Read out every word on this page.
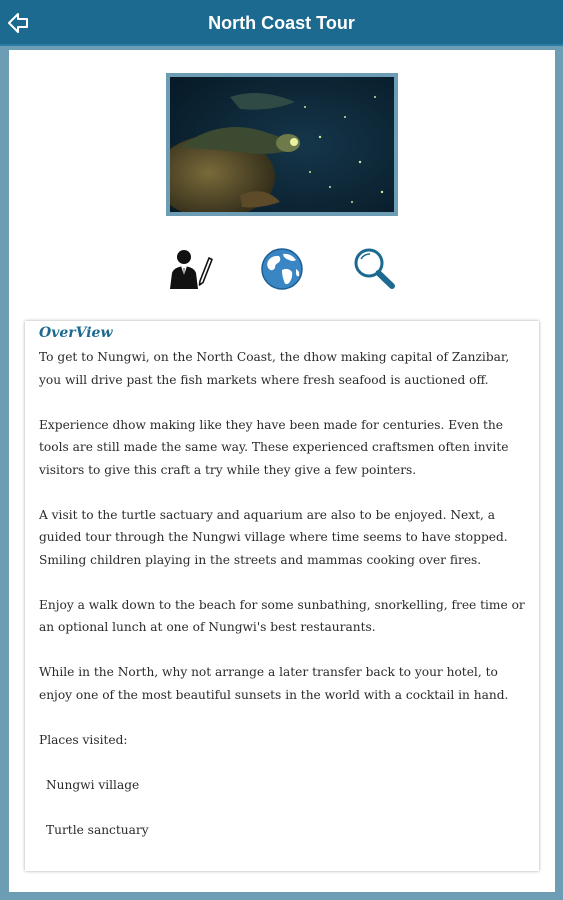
North Coast Tour
OverView

To get to Nungwi, on the North Coast, the dhow making capital of Zanzibar, you will drive past the fish markets where fresh seafood is auctioned off.

Experience dhow making like they have been made for centuries. Even the tools are still made the same way. These experienced craftsmen often invite visitors to give this craft a try while they give a few pointers.

A visit to the turtle sactuary and aquarium are also to be enjoyed. Next, a guided tour through the Nungwi village where time seems to have stopped. Smiling children playing in the streets and mammas cooking over fires.

Enjoy a walk down to the beach for some sunbathing, snorkelling, free time or an optional lunch at one of Nungwi's best restaurants.

While in the North, why not arrange a later transfer back to your hotel, to enjoy one of the most beautiful sunsets in the world with a cocktail in hand.

Places visited:

Nungwi village

Turtle sanctuary
